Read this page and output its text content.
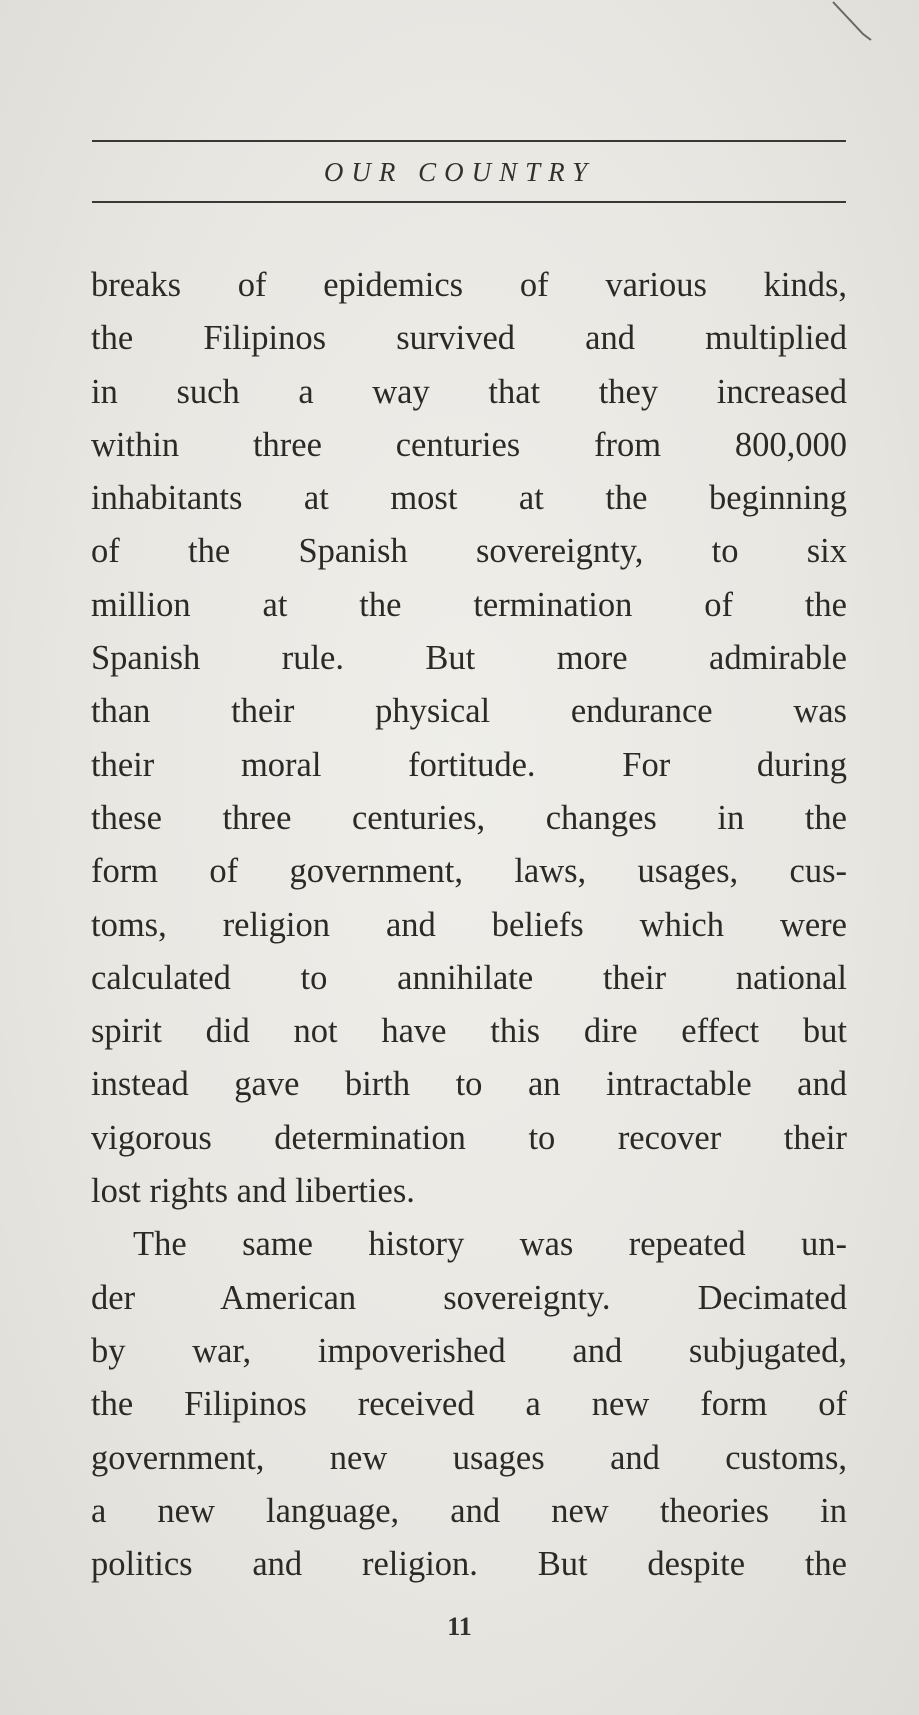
OUR COUNTRY
breaks of epidemics of various kinds,
the Filipinos survived and multiplied
in such a way that they increased
within three centuries from 800,000
inhabitants at most at the beginning
of the Spanish sovereignty, to six
million at the termination of the
Spanish rule. But more admirable
than their physical endurance was
their moral fortitude. For during
these three centuries, changes in the
form of government, laws, usages, cus-
toms, religion and beliefs which were
calculated to annihilate their national
spirit did not have this dire effect but
instead gave birth to an intractable and
vigorous determination to recover their
lost rights and liberties.
The same history was repeated un-
der American sovereignty. Decimated
by war, impoverished and subjugated,
the Filipinos received a new form of
government, new usages and customs,
a new language, and new theories in
politics and religion. But despite the
11
